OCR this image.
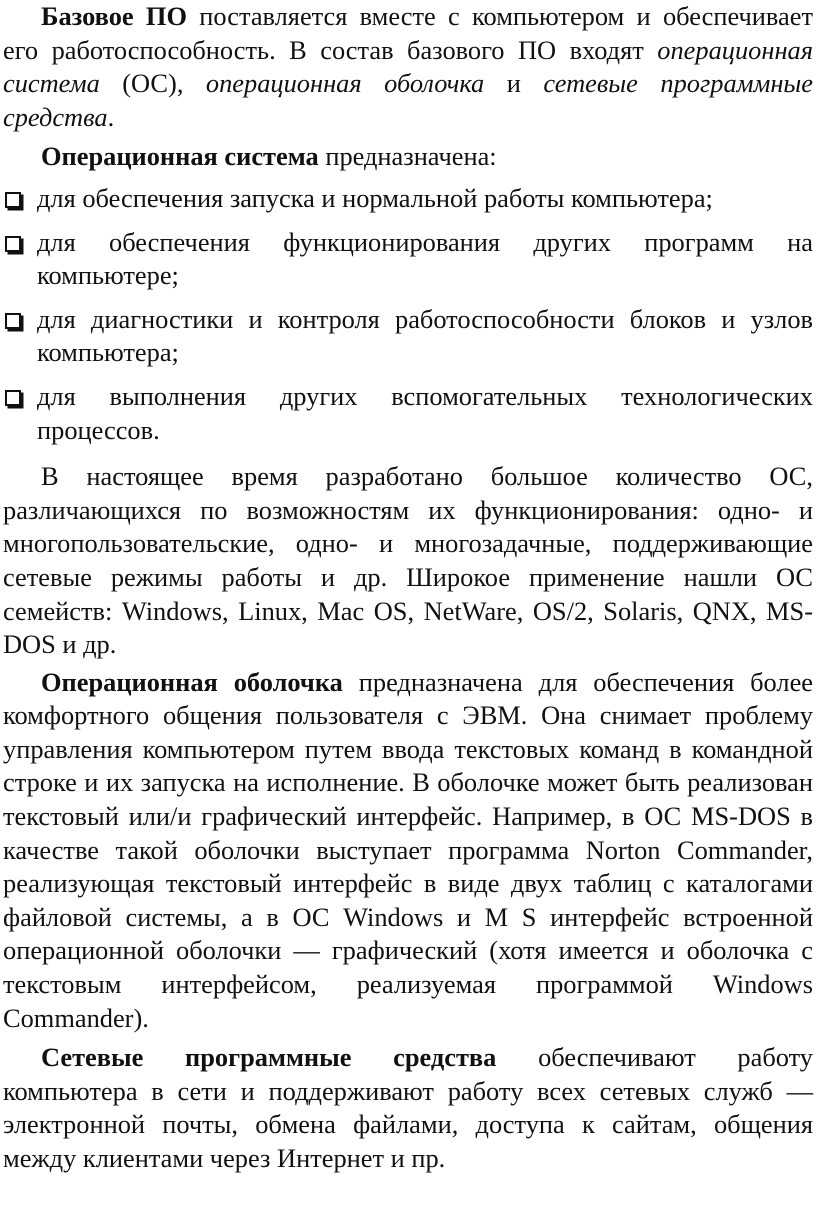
Базовое ПО поставляется вместе с компьютером и обеспечивает его работоспособность. В состав базового ПО входят операционная система (ОС), операционная оболочка и сетевые программные средства.

Операционная система предназначена:

для обеспечения запуска и нормальной работы компьютера;
для обеспечения функционирования других программ на компьютере;
для диагностики и контроля работоспособности блоков и узлов компьютера;
для выполнения других вспомогательных технологических процессов.

В настоящее время разработано большое количество ОС, различающихся по возможностям их функционирования: одно- и многопользовательские, одно- и многозадачные, поддерживающие сетевые режимы работы и др. Широкое применение нашли ОС семейств: Windows, Linux, Mac OS, NetWare, OS/2, Solaris, QNX, MS-DOS и др.

Операционная оболочка предназначена для обеспечения более комфортного общения пользователя с ЭВМ. Она снимает проблему управления компьютером путем ввода текстовых команд в командной строке и их запуска на исполнение. В оболочке может быть реализован текстовый или/и графический интерфейс. Например, в ОС MS-DOS в качестве такой оболочки выступает программа Norton Commander, реализующая текстовый интерфейс в виде двух таблиц с каталогами файловой системы, а в ОС Windows и M S интерфейс встроенной операционной оболочки — графический (хотя имеется и оболочка с текстовым интерфейсом, реализуемая программой Windows Commander).

Сетевые программные средства обеспечивают работу компьютера в сети и поддерживают работу всех сетевых служб — электронной почты, обмена файлами, доступа к сайтам, общения между клиентами через Интернет и пр.
